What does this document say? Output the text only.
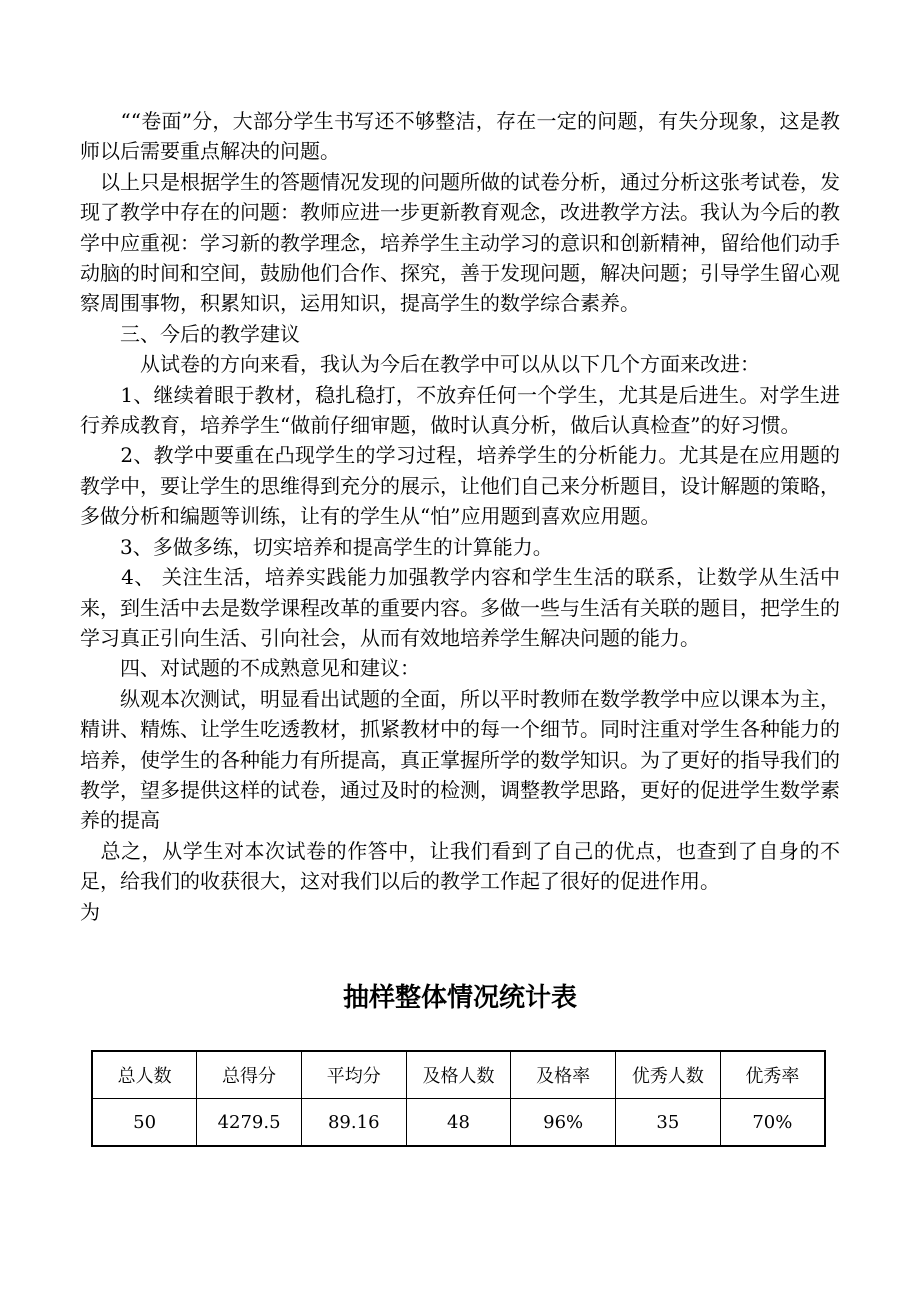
　　““卷面”分，大部分学生书写还不够整洁，存在一定的问题，有失分现象，这是教师以后需要重点解决的问题。

　以上只是根据学生的答题情况发现的问题所做的试卷分析，通过分析这张考试卷，发现了教学中存在的问题：教师应进一步更新教育观念，改进教学方法。我认为今后的教学中应重视：学习新的教学理念，培养学生主动学习的意识和创新精神，留给他们动手动脑的时间和空间，鼓励他们合作、探究，善于发现问题，解决问题；引导学生留心观察周围事物，积累知识，运用知识，提高学生的数学综合素养。

　　三、今后的教学建议

　　　从试卷的方向来看，我认为今后在教学中可以从以下几个方面来改进：

　　1、继续着眼于教材，稳扎稳打，不放弃任何一个学生，尤其是后进生。对学生进行养成教育，培养学生“做前仔细审题，做时认真分析，做后认真检查”的好习惯。

　　2、教学中要重在凸现学生的学习过程，培养学生的分析能力。尤其是在应用题的教学中，要让学生的思维得到充分的展示，让他们自己来分析题目，设计解题的策略，多做分析和编题等训练，让有的学生从“怕”应用题到喜欢应用题。

　　3、多做多练，切实培养和提高学生的计算能力。

　　4、 关注生活，培养实践能力加强教学内容和学生生活的联系，让数学从生活中来，到生活中去是数学课程改革的重要内容。多做一些与生活有关联的题目，把学生的学习真正引向生活、引向社会，从而有效地培养学生解决问题的能力。

　　四、对试题的不成熟意见和建议：

　　纵观本次测试，明显看出试题的全面，所以平时教师在数学教学中应以课本为主，精讲、精炼、让学生吃透教材，抓紧教材中的每一个细节。同时注重对学生各种能力的培养，使学生的各种能力有所提高，真正掌握所学的数学知识。为了更好的指导我们的教学，望多提供这样的试卷，通过及时的检测，调整教学思路，更好的促进学生数学素养的提高

　总之，从学生对本次试卷的作答中，让我们看到了自己的优点，也查到了自身的不足，给我们的收获很大，这对我们以后的教学工作起了很好的促进作用。

为

抽样整体情况统计表
总人数	总得分	平均分	及格人数	及格率	优秀人数	优秀率
50	4279.5	89.16	48	96%	35	70%
